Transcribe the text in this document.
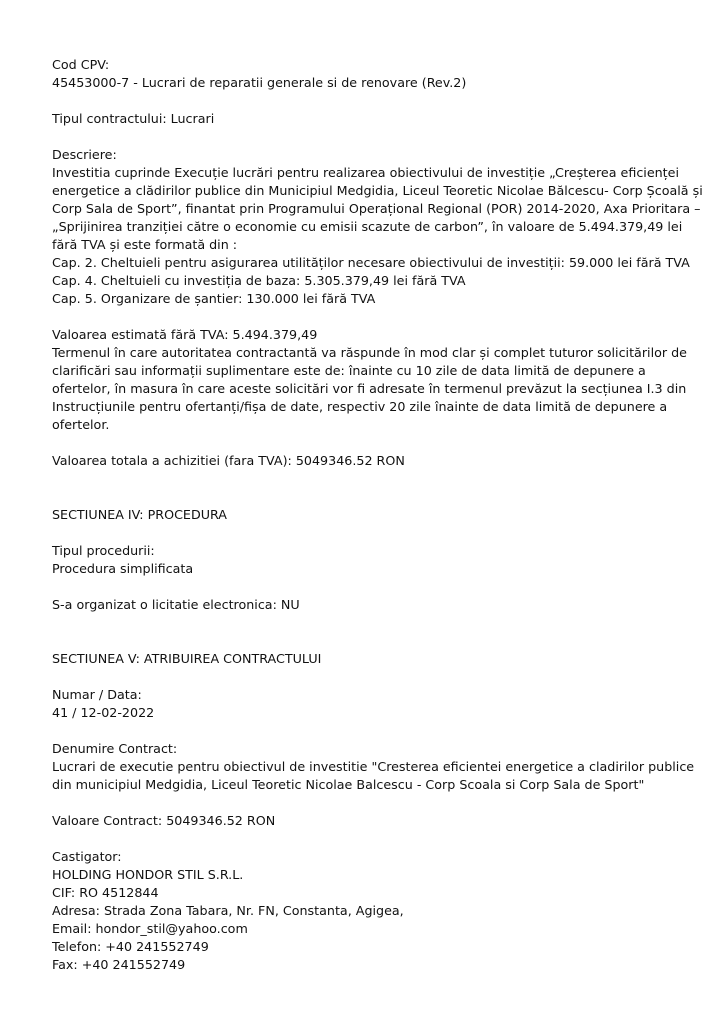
Cod CPV:
45453000-7 - Lucrari de reparatii generale si de renovare (Rev.2)
Tipul contractului: Lucrari
Descriere:
Investitia cuprinde Execuție lucrări pentru realizarea obiectivului de investiție „Creșterea eficienței
energetice a clădirilor publice din Municipiul Medgidia, Liceul Teoretic Nicolae Bălcescu- Corp Școală și
Corp Sala de Sport”, finantat prin Programului Operațional Regional (POR) 2014-2020, Axa Prioritara –
„Sprijinirea tranziției către o economie cu emisii scazute de carbon”, în valoare de 5.494.379,49 lei
fără TVA și este formată din :
Cap. 2. Cheltuieli pentru asigurarea utilităților necesare obiectivului de investiții: 59.000 lei fără TVA
Cap. 4. Cheltuieli cu investiția de baza: 5.305.379,49 lei fără TVA
Cap. 5. Organizare de șantier: 130.000 lei fără TVA
Valoarea estimată fără TVA: 5.494.379,49
Termenul în care autoritatea contractantă va răspunde în mod clar și complet tuturor solicitărilor de
clarificări sau informații suplimentare este de: înainte cu 10 zile de data limită de depunere a
ofertelor, în masura în care aceste solicitări vor fi adresate în termenul prevăzut la secțiunea I.3 din
Instrucțiunile pentru ofertanți/fișa de date, respectiv 20 zile înainte de data limită de depunere a
ofertelor.
Valoarea totala a achizitiei (fara TVA): 5049346.52 RON
SECTIUNEA IV: PROCEDURA
Tipul procedurii:
Procedura simplificata
S-a organizat o licitatie electronica: NU
SECTIUNEA V: ATRIBUIREA CONTRACTULUI
Numar / Data:
41 / 12-02-2022
Denumire Contract:
Lucrari de executie pentru obiectivul de investitie "Cresterea eficientei energetice a cladirilor publice
din municipiul Medgidia, Liceul Teoretic Nicolae Balcescu - Corp Scoala si Corp Sala de Sport"
Valoare Contract: 5049346.52 RON
Castigator:
HOLDING HONDOR STIL S.R.L.
CIF: RO 4512844
Adresa: Strada Zona Tabara, Nr. FN, Constanta, Agigea,
Email: hondor_stil@yahoo.com
Telefon: +40 241552749
Fax: +40 241552749
